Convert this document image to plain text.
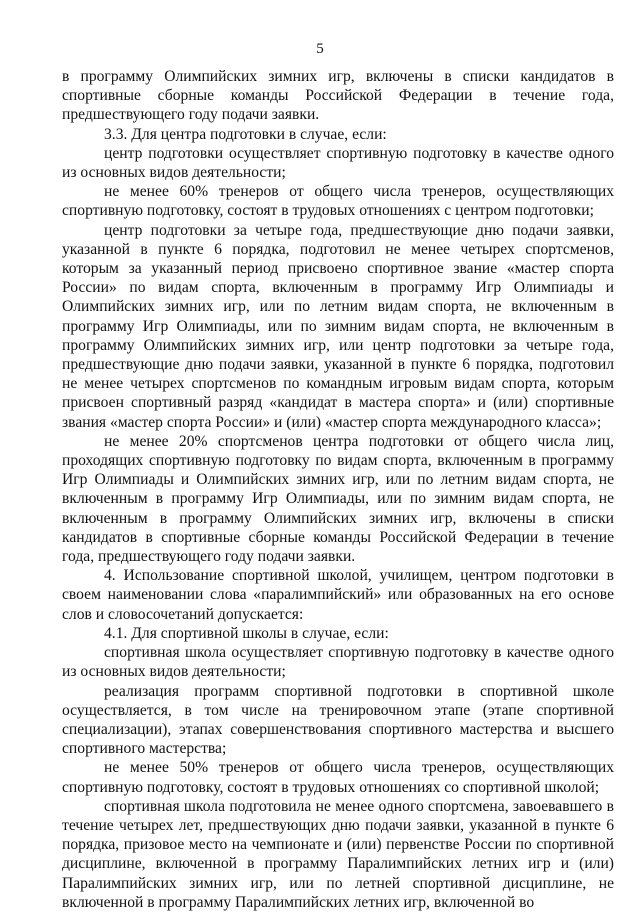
5

в программу Олимпийских зимних игр, включены в списки кандидатов в спортивные сборные команды Российской Федерации в течение года, предшествующего году подачи заявки.

3.3. Для центра подготовки в случае, если:

центр подготовки осуществляет спортивную подготовку в качестве одного из основных видов деятельности;

не менее 60% тренеров от общего числа тренеров, осуществляющих спортивную подготовку, состоят в трудовых отношениях с центром подготовки;

центр подготовки за четыре года, предшествующие дню подачи заявки, указанной в пункте 6 порядка, подготовил не менее четырех спортсменов, которым за указанный период присвоено спортивное звание «мастер спорта России» по видам спорта, включенным в программу Игр Олимпиады и Олимпийских зимних игр, или по летним видам спорта, не включенным в программу Игр Олимпиады, или по зимним видам спорта, не включенным в программу Олимпийских зимних игр, или центр подготовки за четыре года, предшествующие дню подачи заявки, указанной в пункте 6 порядка, подготовил не менее четырех спортсменов по командным игровым видам спорта, которым присвоен спортивный разряд «кандидат в мастера спорта» и (или) спортивные звания «мастер спорта России» и (или) «мастер спорта международного класса»;

не менее 20% спортсменов центра подготовки от общего числа лиц, проходящих спортивную подготовку по видам спорта, включенным в программу Игр Олимпиады и Олимпийских зимних игр, или по летним видам спорта, не включенным в программу Игр Олимпиады, или по зимним видам спорта, не включенным в программу Олимпийских зимних игр, включены в списки кандидатов в спортивные сборные команды Российской Федерации в течение года, предшествующего году подачи заявки.

4. Использование спортивной школой, училищем, центром подготовки в своем наименовании слова «паралимпийский» или образованных на его основе слов и словосочетаний допускается:

4.1. Для спортивной школы в случае, если:

спортивная школа осуществляет спортивную подготовку в качестве одного из основных видов деятельности;

реализация программ спортивной подготовки в спортивной школе осуществляется, в том числе на тренировочном этапе (этапе спортивной специализации), этапах совершенствования спортивного мастерства и высшего спортивного мастерства;

не менее 50% тренеров от общего числа тренеров, осуществляющих спортивную подготовку, состоят в трудовых отношениях со спортивной школой;

спортивная школа подготовила не менее одного спортсмена, завоевавшего в течение четырех лет, предшествующих дню подачи заявки, указанной в пункте 6 порядка, призовое место на чемпионате и (или) первенстве России по спортивной дисциплине, включенной в программу Паралимпийских летних игр и (или) Паралимпийских зимних игр, или по летней спортивной дисциплине, не включенной в программу Паралимпийских летних игр, включенной во
